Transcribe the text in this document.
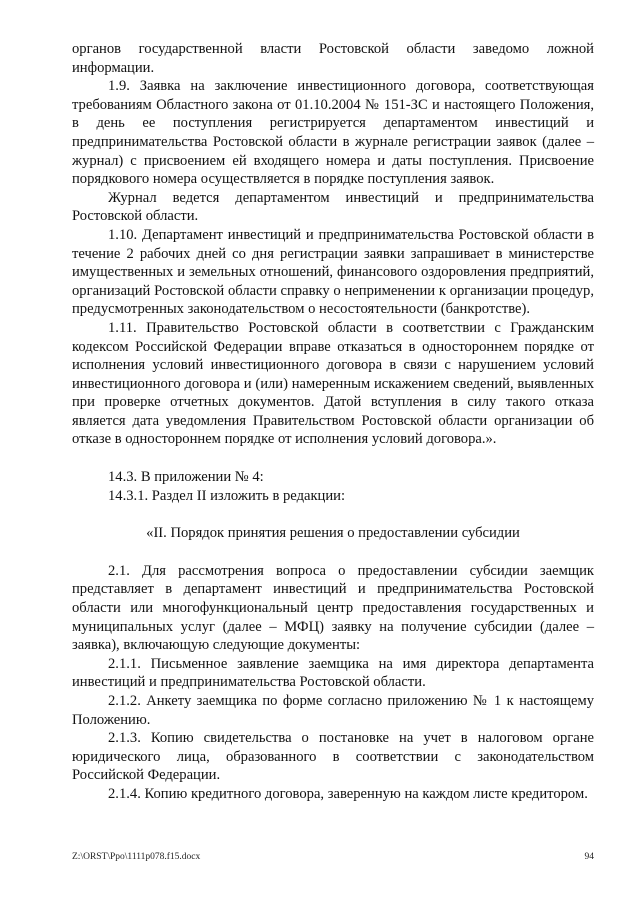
органов государственной власти Ростовской области заведомо ложной информации.

1.9. Заявка на заключение инвестиционного договора, соответствующая требованиям Областного закона от 01.10.2004 № 151-ЗС и настоящего Положения, в день ее поступления регистрируется департаментом инвестиций и предпринимательства Ростовской области в журнале регистрации заявок (далее – журнал) с присвоением ей входящего номера и даты поступления. Присвоение порядкового номера осуществляется в порядке поступления заявок.

Журнал ведется департаментом инвестиций и предпринимательства Ростовской области.

1.10. Департамент инвестиций и предпринимательства Ростовской области в течение 2 рабочих дней со дня регистрации заявки запрашивает в министерстве имущественных и земельных отношений, финансового оздоровления предприятий, организаций Ростовской области справку о неприменении к организации процедур, предусмотренных законодательством о несостоятельности (банкротстве).

1.11. Правительство Ростовской области в соответствии с Гражданским кодексом Российской Федерации вправе отказаться в одностороннем порядке от исполнения условий инвестиционного договора в связи с нарушением условий инвестиционного договора и (или) намеренным искажением сведений, выявленных при проверке отчетных документов. Датой вступления в силу такого отказа является дата уведомления Правительством Ростовской области организации об отказе в одностороннем порядке от исполнения условий договора.».

14.3. В приложении № 4:

14.3.1. Раздел II изложить в редакции:

«II. Порядок принятия решения о предоставлении субсидии

2.1. Для рассмотрения вопроса о предоставлении субсидии заемщик представляет в департамент инвестиций и предпринимательства Ростовской области или многофункциональный центр предоставления государственных и муниципальных услуг (далее – МФЦ) заявку на получение субсидии (далее – заявка), включающую следующие документы:

2.1.1. Письменное заявление заемщика на имя директора департамента инвестиций и предпринимательства Ростовской области.

2.1.2. Анкету заемщика по форме согласно приложению № 1 к настоящему Положению.

2.1.3. Копию свидетельства о постановке на учет в налоговом органе юридического лица, образованного в соответствии с законодательством Российской Федерации.

2.1.4. Копию кредитного договора, заверенную на каждом листе кредитором.

Z:\ORST\Ppo\1111p078.f15.docx	94
